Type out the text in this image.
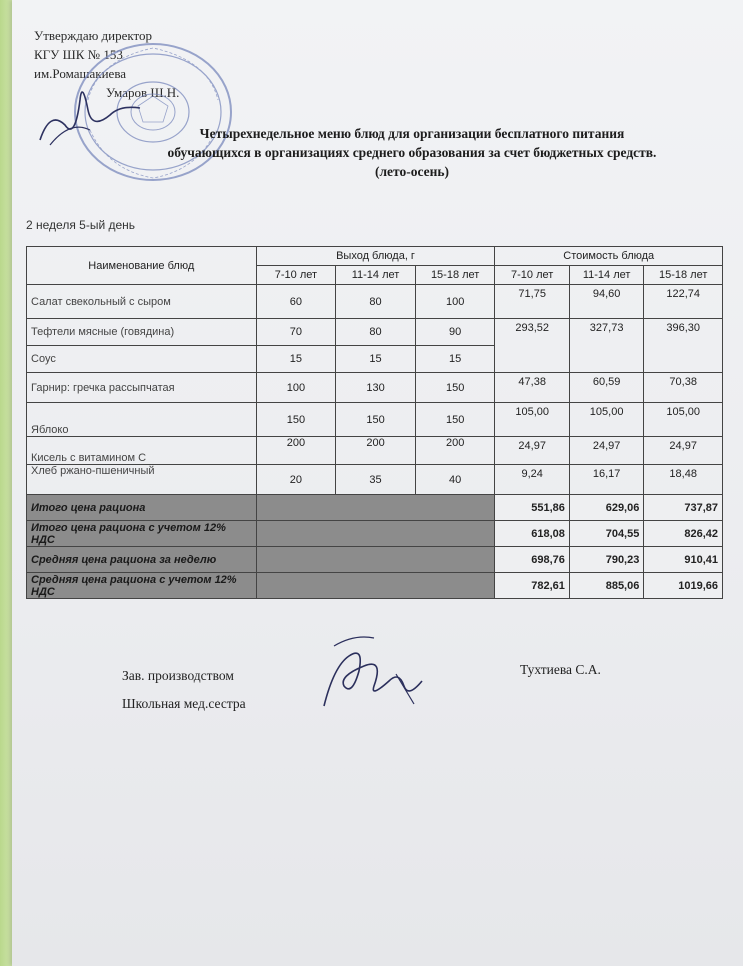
Утверждаю директор
КГУ ШК № 153
им.Ромашакиева
Умаров Ш.Н.
Четырехнедельное меню блюд для организации бесплатного питания
обучающихся в организациях среднего образования за счет бюджетных средств.
(лето-осень)
2 неделя 5-ый день
Наименование блюд	Выход блюда, г			Стоимость блюда		
	7-10 лет	11-14 лет	15-18 лет	7-10 лет	11-14 лет	15-18 лет
Салат свекольный с сыром	60	80	100	71,75	94,60	122,74
Тефтели мясные (говядина)	70	80	90	293,52	327,73	396,30
Соус	15	15	15			
Гарнир: гречка рассыпчатая	100	130	150	47,38	60,59	70,38
Яблоко	150	150	150	105,00	105,00	105,00
Кисель с витамином С	200	200	200	24,97	24,97	24,97
Хлеб ржано-пшеничный	20	35	40	9,24	16,17	18,48
Итого цена рациона				551,86	629,06	737,87
Итого цена рациона с учетом 12% НДС				618,08	704,55	826,42
Средняя цена рациона за неделю				698,76	790,23	910,41
Средняя цена рациона с учетом 12% НДС				782,61	885,06	1019,66
Зав. производством
Школьная мед.сестра
Тухтиева С.А.
